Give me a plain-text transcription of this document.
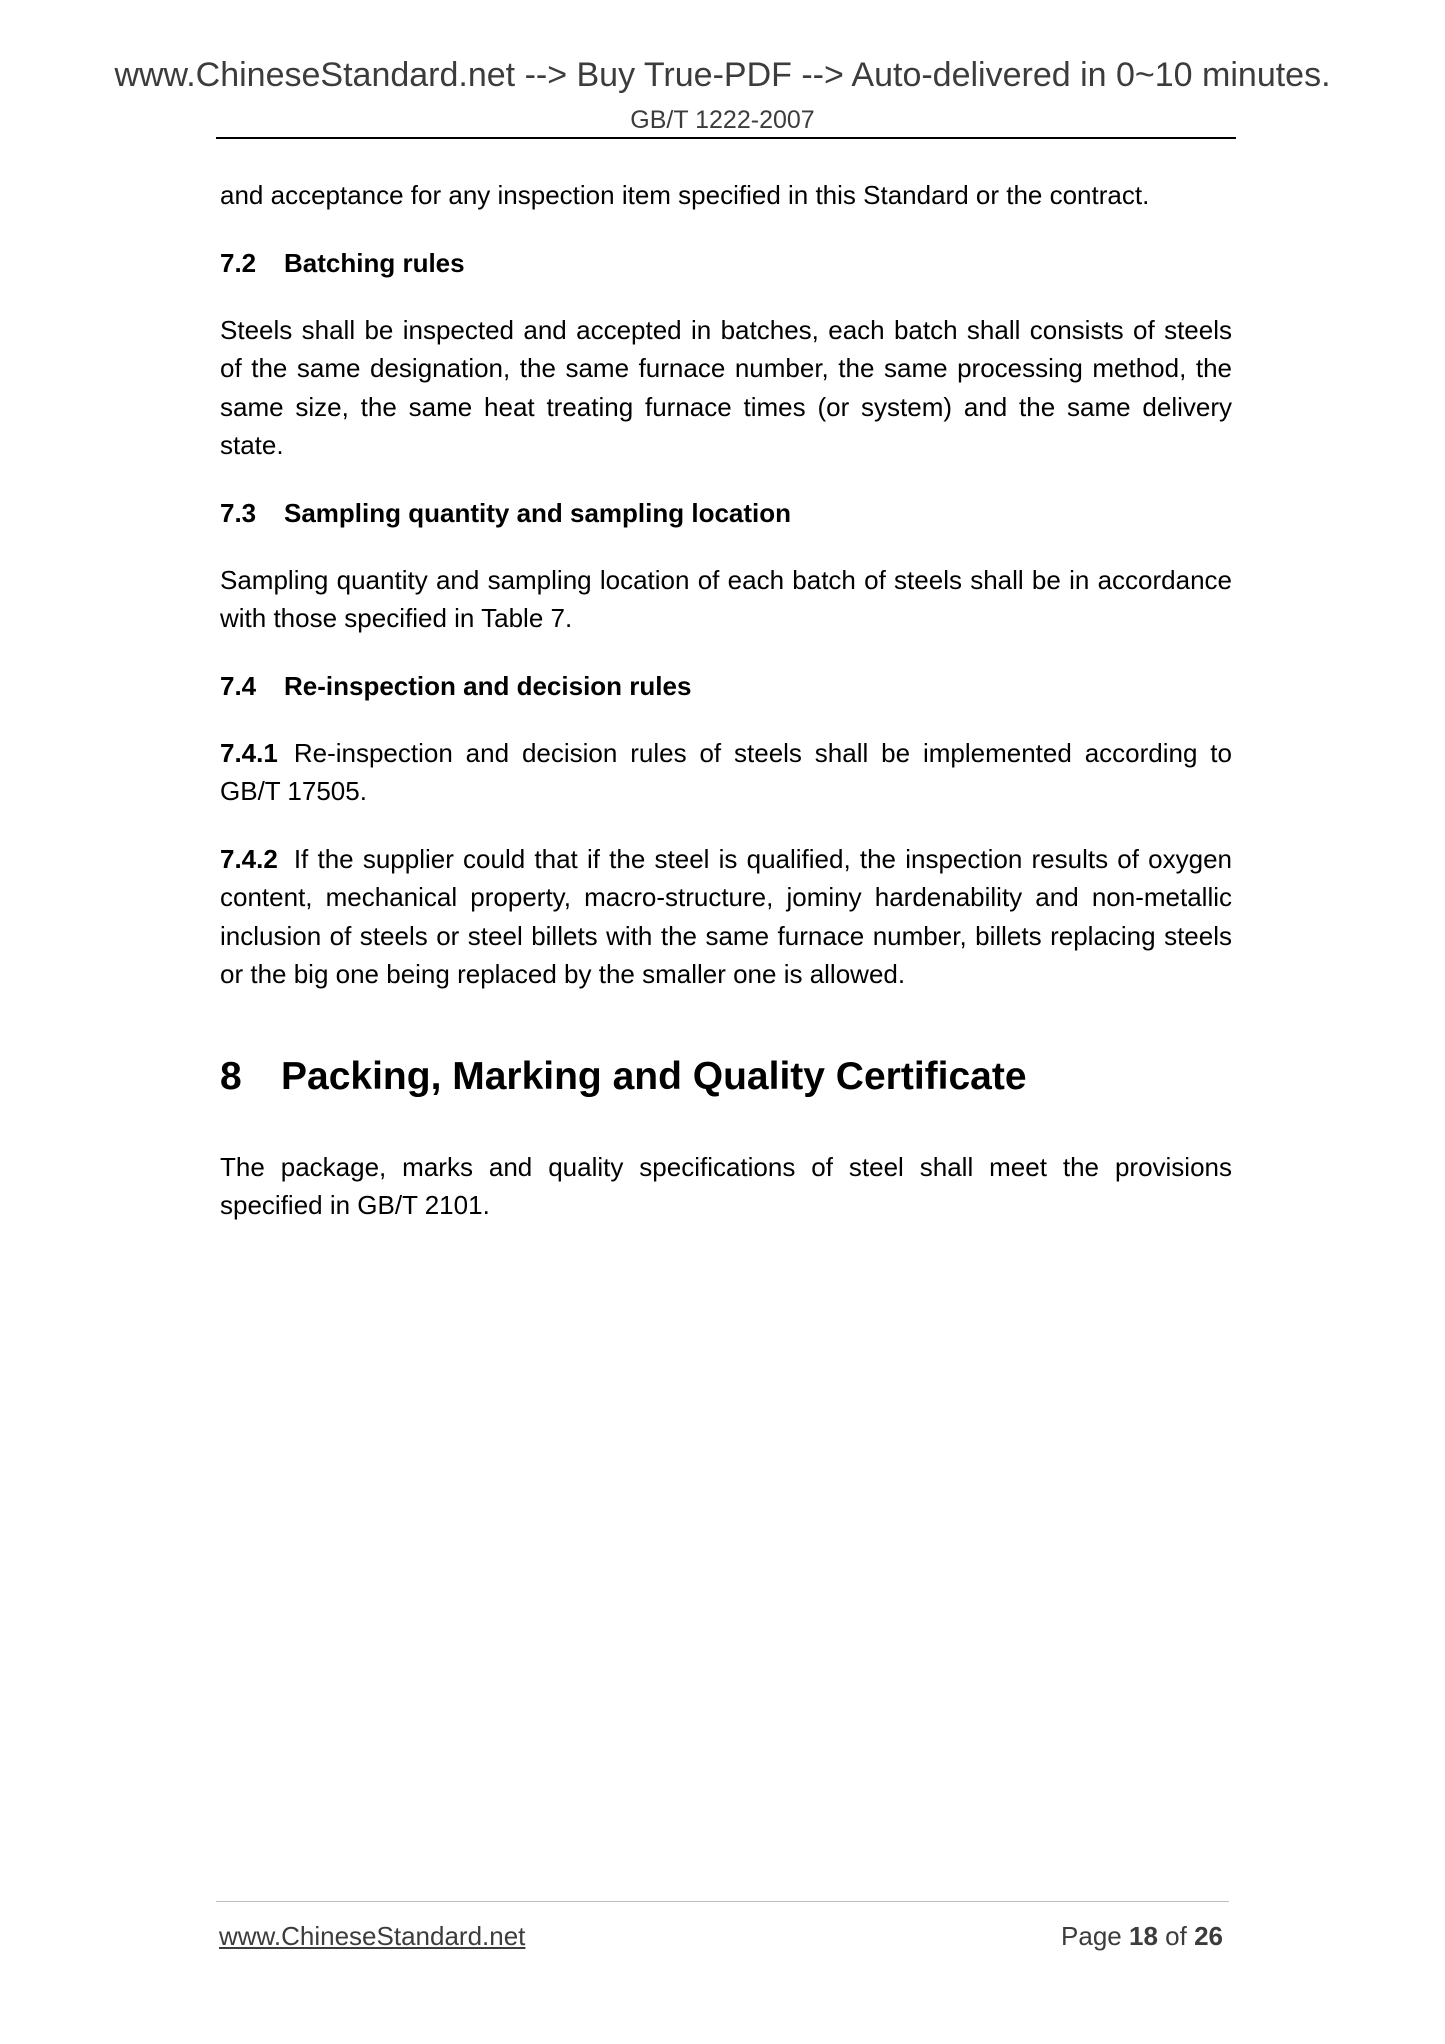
www.ChineseStandard.net --> Buy True-PDF --> Auto-delivered in 0~10 minutes.
GB/T 1222-2007

and acceptance for any inspection item specified in this Standard or the contract.

7.2 Batching rules

Steels shall be inspected and accepted in batches, each batch shall consists of steels of the same designation, the same furnace number, the same processing method, the same size, the same heat treating furnace times (or system) and the same delivery state.

7.3 Sampling quantity and sampling location

Sampling quantity and sampling location of each batch of steels shall be in accordance with those specified in Table 7.

7.4 Re-inspection and decision rules

7.4.1 Re-inspection and decision rules of steels shall be implemented according to GB/T 17505.

7.4.2 If the supplier could that if the steel is qualified, the inspection results of oxygen content, mechanical property, macro-structure, jominy hardenability and non-metallic inclusion of steels or steel billets with the same furnace number, billets replacing steels or the big one being replaced by the smaller one is allowed.

8 Packing, Marking and Quality Certificate

The package, marks and quality specifications of steel shall meet the provisions specified in GB/T 2101.

www.ChineseStandard.net	Page 18 of 26
